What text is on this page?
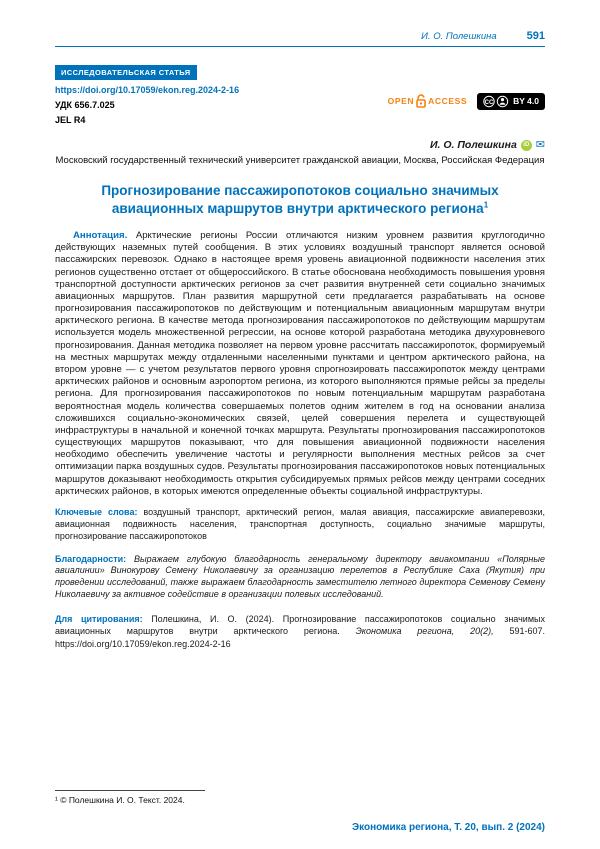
И. О. Полешкина	591
ИССЛЕДОВАТЕЛЬСКАЯ СТАТЬЯ
https://doi.org/10.17059/ekon.reg.2024-2-16
УДК 656.7.025
JEL R4
OPEN ACCESS	CC BY 4.0
И. О. Полешкина	iD ✉
Московский государственный технический университет гражданской авиации, Москва, Российская Федерация
Прогнозирование пассажиропотоков социально значимых авиационных маршрутов внутри арктического региона$^1$

Аннотация. Арктические регионы России отличаются низким уровнем развития круглогодично действующих наземных путей сообщения. В этих условиях воздушный транспорт является основой пассажирских перевозок. Однако в настоящее время уровень авиационной подвижности населения этих регионов существенно отстает от общероссийского. В статье обоснована необходимость повышения уровня транспортной доступности арктических регионов за счет развития внутренней сети социально значимых авиационных маршрутов. План развития маршрутной сети предлагается разрабатывать на основе прогнозирования пассажиропотоков по действующим и потенциальным авиационным маршрутам внутри арктического региона. В качестве метода прогнозирования пассажиропотоков по действующим маршрутам используется модель множественной регрессии, на основе которой разработана методика двухуровневого прогнозирования. Данная методика позволяет на первом уровне рассчитать пассажиропоток, формируемый на местных маршрутах между отдаленными населенными пунктами и центром арктического района, на втором уровне — с учетом результатов первого уровня спрогнозировать пассажиропоток между центрами арктических районов и основным аэропортом региона, из которого выполняются прямые рейсы за пределы региона. Для прогнозирования пассажиропотоков по новым потенциальным маршрутам разработана вероятностная модель количества совершаемых полетов одним жителем в год на основании анализа сложившихся социально-экономических связей, целей совершения перелета и существующей инфраструктуры в начальной и конечной точках маршрута. Результаты прогнозирования пассажиропотоков существующих маршрутов показывают, что для повышения авиационной подвижности населения необходимо обеспечить увеличение частоты и регулярности выполнения местных рейсов за счет оптимизации парка воздушных судов. Результаты прогнозирования пассажиропотоков новых потенциальных маршрутов доказывают необходимость открытия субсидируемых прямых рейсов между центрами соседних арктических районов, в которых имеются определенные объекты социальной инфраструктуры.

Ключевые слова: воздушный транспорт, арктический регион, малая авиация, пассажирские авиаперевозки, авиационная подвижность населения, транспортная доступность, социально значимые маршруты, прогнозирование пассажиропотоков

Благодарности: Выражаем глубокую благодарность генеральному директору авиакомпании «Полярные авиалинии» Винокурову Семену Николаевичу за организацию перелетов в Республике Саха (Якутия) при проведении исследований, также выражаем благодарность заместителю летного директора Семенову Семену Николаевичу за активное содействие в организации полевых исследований.

Для цитирования: Полешкина, И. О. (2024). Прогнозирование пассажиропотоков социально значимых авиационных маршрутов внутри арктического региона. Экономика региона, 20(2), 591-607. https://doi.org/10.17059/ekon.reg.2024-2-16

¹ © Полешкина И. О. Текст. 2024.
Экономика региона, Т. 20, вып. 2 (2024)
